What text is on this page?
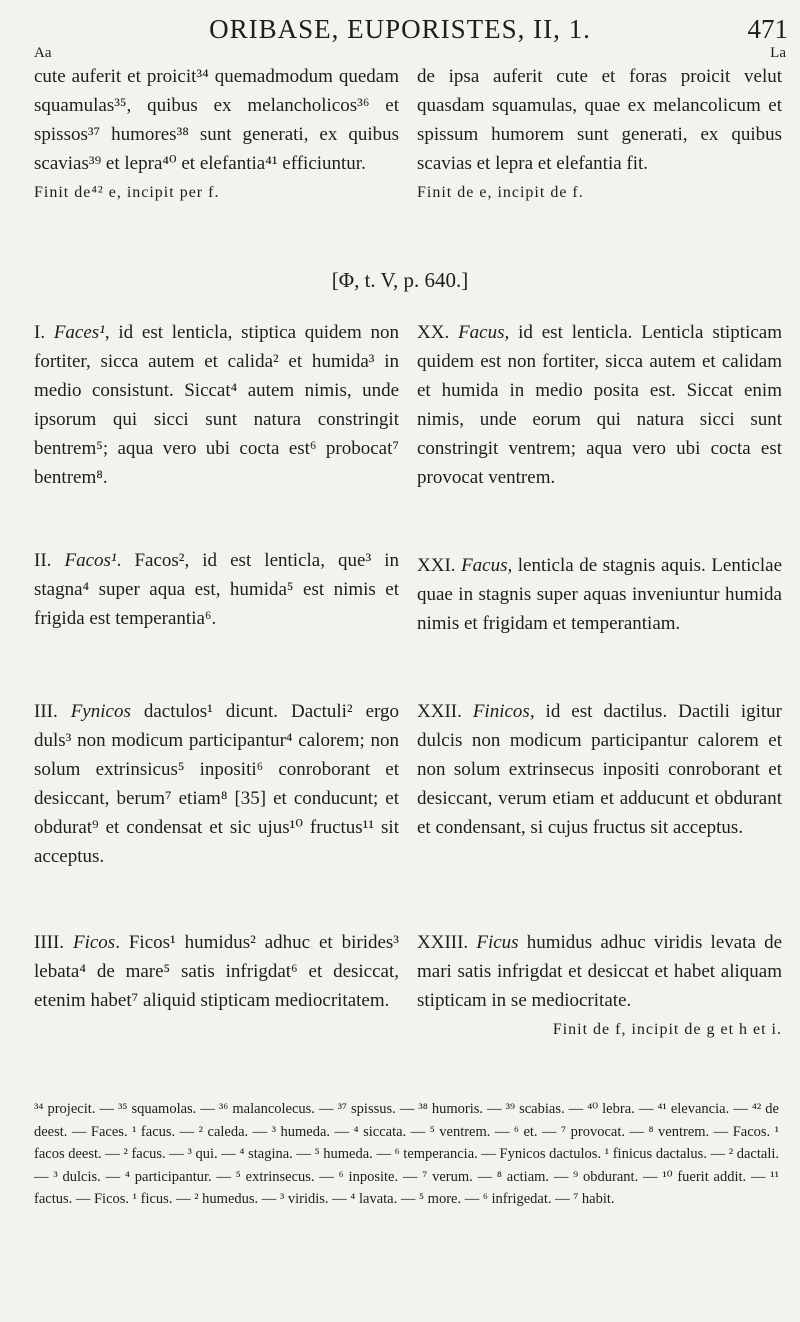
ORIBASE, EUPORISTES, II, 1.	471
Aa	La
cute auferit et proicit³⁴ quemadmodum quedam squamulas³⁵, quibus ex melancholicos³⁶ et spissos³⁷ humores³⁸ sunt generati, ex quibus scavias³⁹ et lepra⁴⁰ et elefantia⁴¹ efficiuntur.
Finit de⁴² e, incipit per f.
de ipsa auferit cute et foras proicit velut quasdam squamulas, quae ex melancolicum et spissum humorem sunt generati, ex quibus scavias et lepra et elefantia fit.
Finit de e, incipit de f.
[Φ, t. V, p. 640.]
I. Faces¹, id est lenticla, stiptica quidem non fortiter, sicca autem et calida² et humida³ in medio consistunt. Siccat⁴ autem nimis, unde ipsorum qui sicci sunt natura constringit bentrem⁵; aqua vero ubi cocta est⁶ probocat⁷ bentrem⁸.
II. Facos¹. Facos², id est lenticla, que³ in stagna⁴ super aqua est, humida⁵ est nimis et frigida est temperantia⁶.
III. Fynicos dactulos¹ dicunt. Dactuli² ergo duls³ non modicum participantur⁴ calorem; non solum extrinsicus⁵ inpositi⁶ conroborant et desiccant, berum⁷ etiam⁸ [35] et conducunt; et obdurat⁹ et condensat et sic ujus¹⁰ fructus¹¹ sit acceptus.
IIII. Ficos. Ficos¹ humidus² adhuc et birides³ lebata⁴ de mare⁵ satis infrigdat⁶ et desiccat, etenim habet⁷ aliquid stipticam mediocritatem.
XX. Facus, id est lenticla. Lenticla stipticam quidem est non fortiter, sicca autem et calidam et humida in medio posita est. Siccat enim nimis, unde eorum qui natura sicci sunt constringit ventrem; aqua vero ubi cocta est provocat ventrem.
XXI. Facus, lenticla de stagnis aquis. Lenticlae quae in stagnis super aquas inveniuntur humida nimis et frigidam et temperantiam.
XXII. Finicos, id est dactilus. Dactili igitur dulcis non modicum participantur calorem et non solum extrinsecus inpositi conroborant et desiccant, verum etiam et adducunt et obdurant et condensant, si cujus fructus sit acceptus.
XXIII. Ficus humidus adhuc viridis levata de mari satis infrigdat et desiccat et habet aliquam stipticam in se mediocritate.
Finit de f, incipit de g et h et i.

³⁴ projecit. — ³⁵ squamolas. — ³⁶ malancolecus. — ³⁷ spissus. — ³⁸ humoris. — ³⁹ scabias. — ⁴⁰ lebra. — ⁴¹ elevancia. — ⁴² de deest. — Faces. ¹ facus. — ² caleda. — ³ humeda. — ⁴ siccata. — ⁵ ventrem. — ⁶ et. — ⁷ provocat. — ⁸ ventrem. — Facos. ¹ facos deest. — ² facus. — ³ qui. — ⁴ stagina. — ⁵ humeda. — ⁶ temperancia. — Fynicos dactulos. ¹ finicus dactalus. — ² dactali. — ³ dulcis. — ⁴ participantur. — ⁵ extrinsecus. — ⁶ inposite. — ⁷ verum. — ⁸ actiam. — ⁹ obdurant. — ¹⁰ fuerit addit. — ¹¹ factus. — Ficos. ¹ ficus. — ² humedus. — ³ viridis. — ⁴ lavata. — ⁵ more. — ⁶ infrigedat. — ⁷ habit.
